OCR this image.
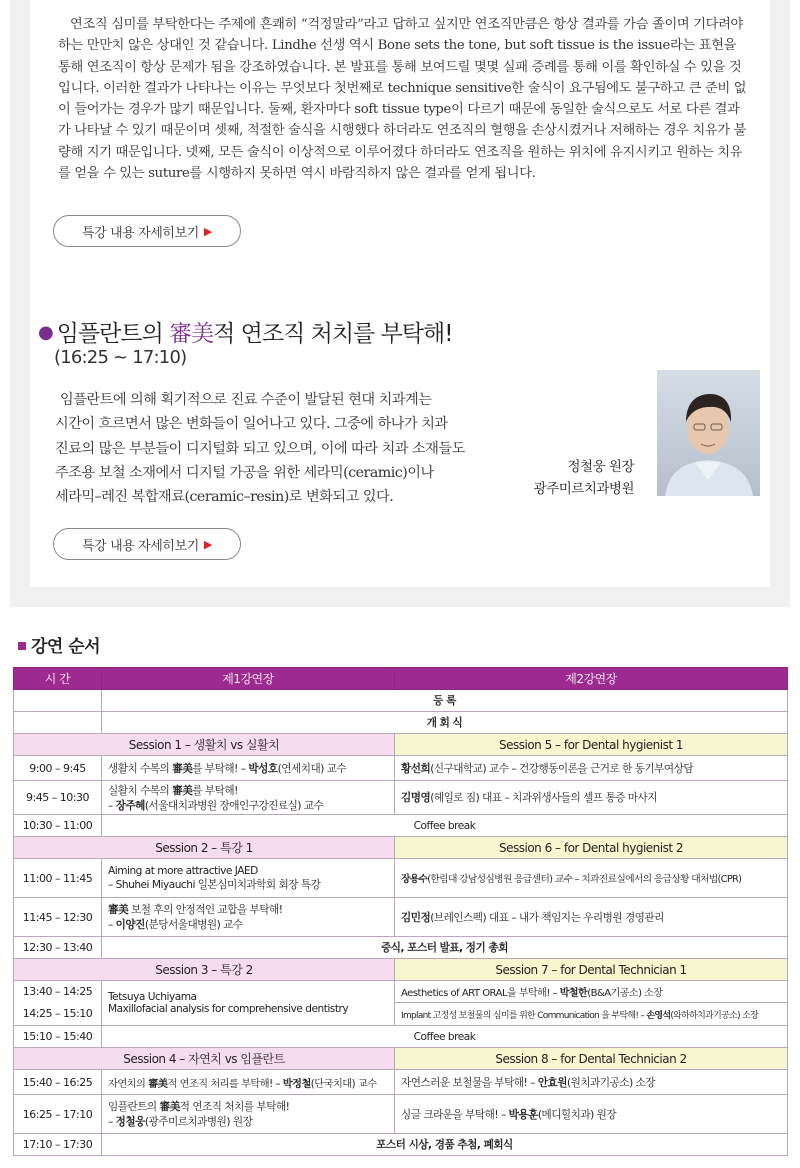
연조직 심미를 부탁한다는 주제에 흔쾌히 “걱정말라”라고 답하고 싶지만 연조직만큼은 항상 결과를 가슴 졸이며 기다려야 하는 만만치 않은 상대인 것 같습니다. Lindhe 선생 역시 Bone sets the tone, but soft tissue is the issue라는 표현을 통해 연조직이 항상 문제가 됨을 강조하였습니다. 본 발표를 통해 보여드릴 몇몇 실패 증례를 통해 이를 확인하실 수 있을 것입니다. 이러한 결과가 나타나는 이유는 무엇보다 첫번째로 technique sensitive한 술식이 요구됨에도 불구하고 큰 준비 없이 들어가는 경우가 많기 때문입니다. 둘째, 환자마다 soft tissue type이 다르기 때문에 동일한 술식으로도 서로 다른 결과가 나타날 수 있기 때문이며 셋째, 적절한 술식을 시행했다 하더라도 연조직의 혈행을 손상시켰거나 저해하는 경우 치유가 불량해 지기 때문입니다. 넷째, 모든 술식이 이상적으로 이루어졌다 하더라도 연조직을 원하는 위치에 유지시키고 원하는 치유를 얻을 수 있는 suture를 시행하지 못하면 역시 바람직하지 않은 결과를 얻게 됩니다.

특강 내용 자세히보기 ▶
● 임플란트의 審美적 연조직 처치를 부탁해!
(16:25 ~ 17:10)
임플란트에 의해 획기적으로 진료 수준이 발달된 현대 치과계는
시간이 흐르면서 많은 변화들이 일어나고 있다. 그중에 하나가 치과
진료의 많은 부분들이 디지털화 되고 있으며, 이에 따라 치과 소재들도
주조용 보철 소재에서 디지털 가공을 위한 세라믹(ceramic)이나
세라믹–레진 복합재료(ceramic–resin)로 변화되고 있다.
정철웅 원장
광주미르치과병원
특강 내용 자세히보기 ▶
강연 순서
시 간	제1강연장	제2강연장
	등 록	
	개 회 식	
Session 1 – 생활치 vs 실활치		Session 5 – for Dental hygienist 1
9:00 – 9:45	생활치 수복의 審美를 부탁해! – 박성호(연세치대) 교수	황선희(신구대학교) 교수 – 건강행동이론을 근거로 한 동기부여상담
9:45 – 10:30	실활치 수복의 審美를 부탁해!
– 장주혜(서울대치과병원 장애인구강진료실) 교수	김명영(헤일로 짐) 대표 – 치과위생사들의 셀프 통증 마사지
10:30 – 11:00	Coffee break	
Session 2 – 특강 1		Session 6 – for Dental hygienist 2
11:00 – 11:45	Aiming at more attractive JAED
– Shuhei Miyauchi 일본심미치과학회 회장 특강	장용수(한림대 강남성심병원 응급센터) 교수 – 치과진료실에서의 응급상황 대처법(CPR)
11:45 – 12:30	審美 보철 후의 안정적인 교합을 부탁해!
– 이양진(분당서울대병원) 교수	김민정(브레인스펙) 대표 – 내가 책임지는 우리병원 경영관리
12:30 – 13:40	중식, 포스터 발표, 정기 총회	
Session 3 – 특강 2		Session 7 – for Dental Technician 1
13:40 – 14:25	Tetsuya Uchiyama
Maxillofacial analysis for comprehensive dentistry	Aesthetics of ART ORAL을 부탁해! – 박철한(B&A기공소) 소장
14:25 – 15:10		Implant 고정성 보철물의 심미를 위한 Communication 을 부탁해! – 손영석(와하하치과기공소) 소장
15:10 – 15:40	Coffee break	
Session 4 – 자연치 vs 임플란트		Session 8 – for Dental Technician 2
15:40 – 16:25	자연치의 審美적 연조직 처리를 부탁해! – 박정철(단국치대) 교수	자연스러운 보철물을 부탁해! – 안효원(원치과기공소) 소장
16:25 – 17:10	임플란트의 審美적 연조직 처치를 부탁해!
– 정철웅(광주미르치과병원) 원장	싱글 크라운을 부탁해! – 박용훈(메디힐치과) 원장
17:10 – 17:30	포스터 시상, 경품 추첨, 폐회식	
